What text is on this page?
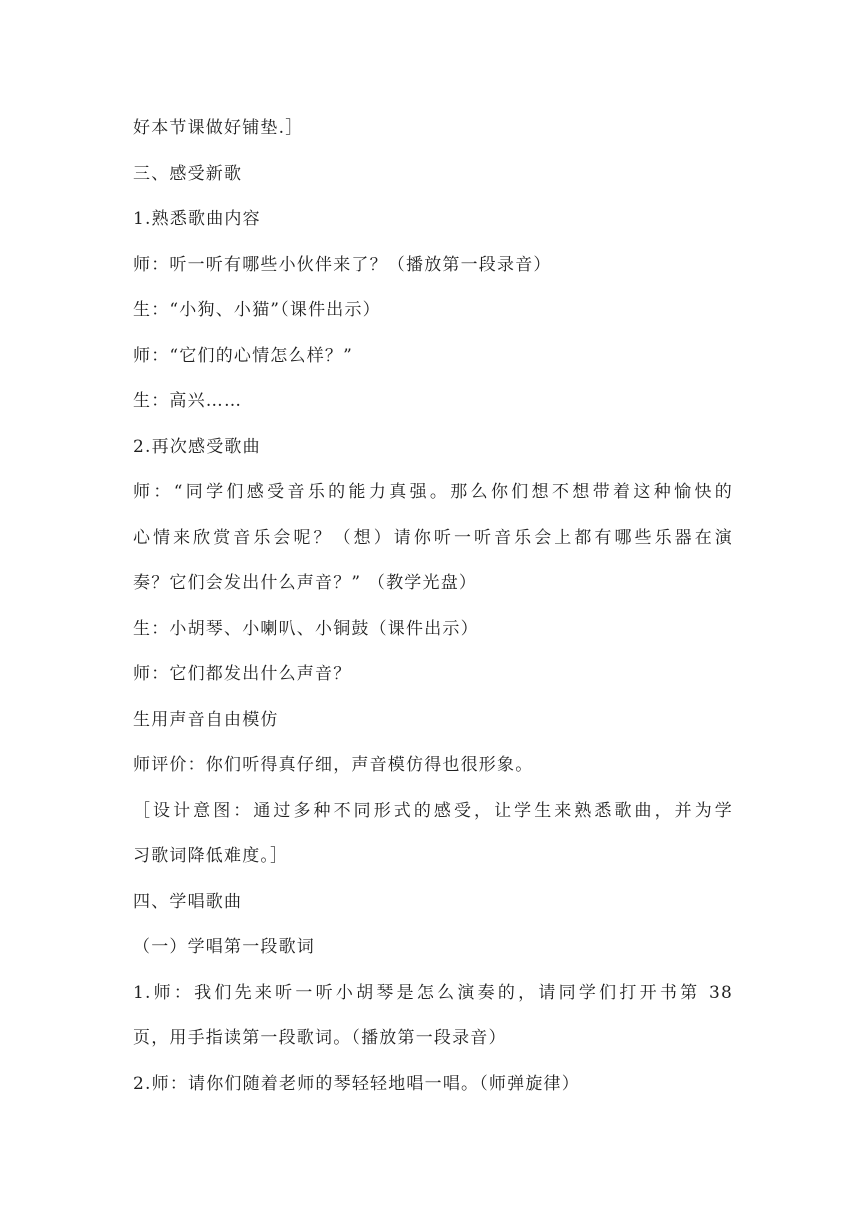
好本节课做好铺垫.］

三、感受新歌

1.熟悉歌曲内容

师：听一听有哪些小伙伴来了？（播放第一段录音）

生：“小狗、小猫”（课件出示）

师：“它们的心情怎么样？”

生：高兴……

2.再次感受歌曲

师：“同学们感受音乐的能力真强。那么你们想不想带着这种愉快的

心情来欣赏音乐会呢？（想）请你听一听音乐会上都有哪些乐器在演

奏？它们会发出什么声音？” （教学光盘）

生：小胡琴、小喇叭、小铜鼓（课件出示）

师：它们都发出什么声音？

生用声音自由模仿

师评价：你们听得真仔细，声音模仿得也很形象。

［设计意图：通过多种不同形式的感受，让学生来熟悉歌曲，并为学

习歌词降低难度。］

四、学唱歌曲

（一）学唱第一段歌词

1.师：我们先来听一听小胡琴是怎么演奏的，请同学们打开书第 38

页，用手指读第一段歌词。（播放第一段录音）

2.师：请你们随着老师的琴轻轻地唱一唱。（师弹旋律）
